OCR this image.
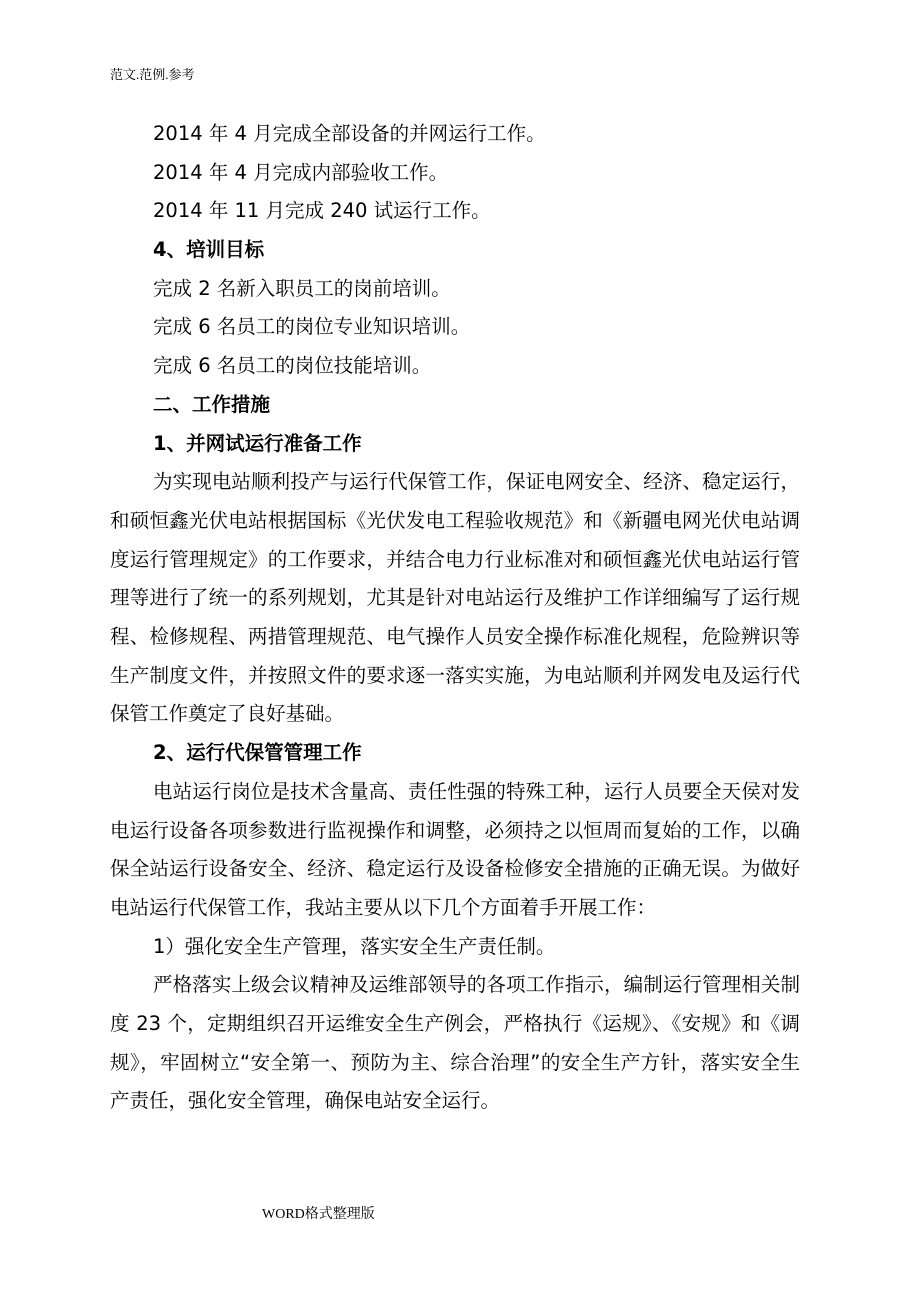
范文.范例.参考

2014 年 4 月完成全部设备的并网运行工作。

2014 年 4 月完成内部验收工作。

2014 年 11 月完成 240 试运行工作。

4、培训目标

完成 2 名新入职员工的岗前培训。

完成 6 名员工的岗位专业知识培训。

完成 6 名员工的岗位技能培训。

二、工作措施

1、并网试运行准备工作

为实现电站顺利投产与运行代保管工作，保证电网安全、经济、稳定运行，和硕恒鑫光伏电站根据国标《光伏发电工程验收规范》和《新疆电网光伏电站调度运行管理规定》的工作要求，并结合电力行业标准对和硕恒鑫光伏电站运行管理等进行了统一的系列规划，尤其是针对电站运行及维护工作详细编写了运行规程、检修规程、两措管理规范、电气操作人员安全操作标准化规程，危险辨识等生产制度文件，并按照文件的要求逐一落实实施，为电站顺利并网发电及运行代保管工作奠定了良好基础。

2、运行代保管管理工作

电站运行岗位是技术含量高、责任性强的特殊工种，运行人员要全天侯对发电运行设备各项参数进行监视操作和调整，必须持之以恒周而复始的工作，以确保全站运行设备安全、经济、稳定运行及设备检修安全措施的正确无误。为做好电站运行代保管工作，我站主要从以下几个方面着手开展工作：

1）强化安全生产管理，落实安全生产责任制。

严格落实上级会议精神及运维部领导的各项工作指示，编制运行管理相关制度 23 个，定期组织召开运维安全生产例会，严格执行《运规》、《安规》和《调规》，牢固树立“安全第一、预防为主、综合治理”的安全生产方针，落实安全生产责任，强化安全管理，确保电站安全运行。

WORD格式整理版
